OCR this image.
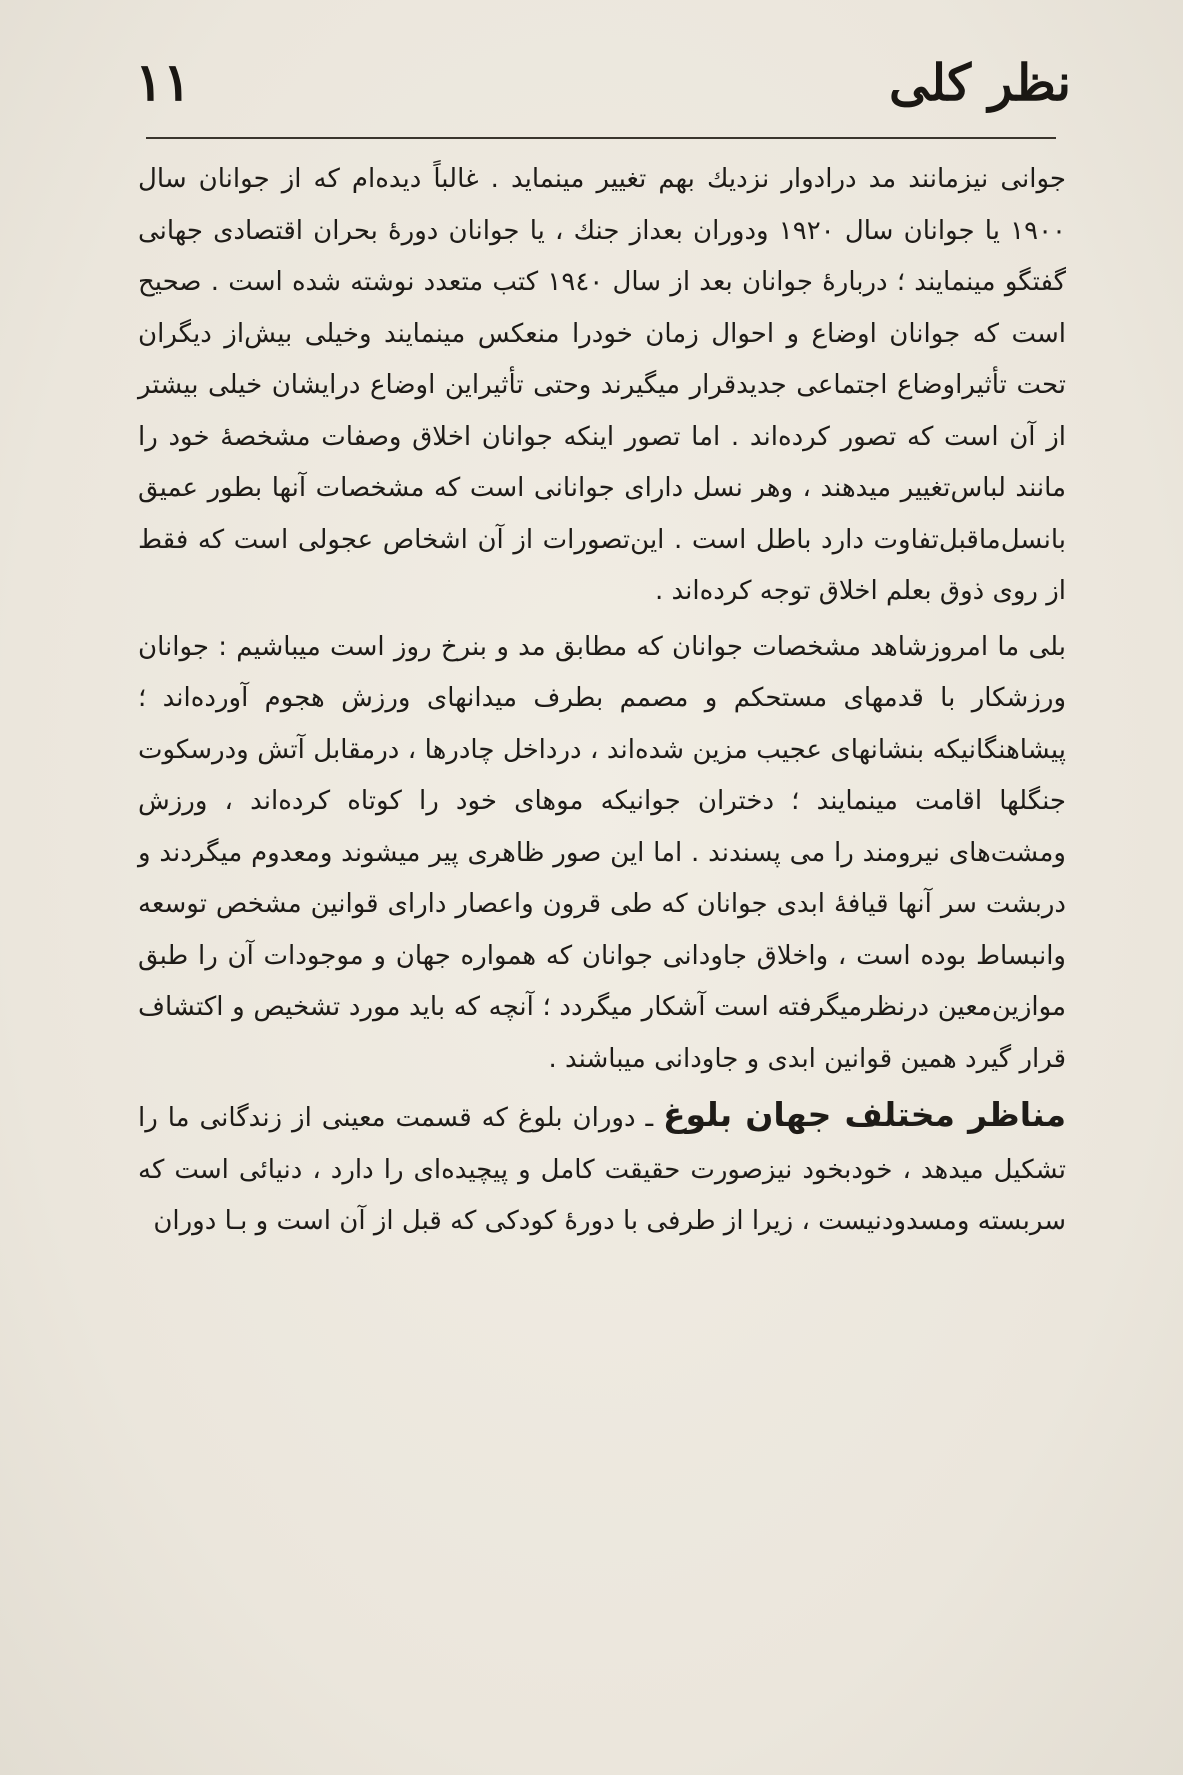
نظر کلی
۱۱

جوانی نیزمانند مد درادوار نزدیك بهم تغییر مینماید . غالباً دیده‌ام که از جوانان سال ۱۹۰۰ یا جوانان سال ۱۹۲۰ ودوران بعداز جنك ، یا جوانان دورهٔ بحران اقتصادی جهانی گفتگو مینمایند ؛ دربارهٔ جوانان بعد از سال ۱۹٤۰ کتب متعدد نوشته شده است . صحیح است که جوانان اوضاع و احوال زمان خودرا منعکس مینمایند وخیلی بیش‌از دیگران تحت تأثیراوضاع اجتماعی جدیدقرار میگیرند وحتی تأثیراین اوضاع درایشان خیلی بیشتر از آن است که تصور کرده‌اند . اما تصور اینکه جوانان اخلاق وصفات مشخصهٔ خود را مانند لباس‌تغییر میدهند ، وهر نسل دارای جوانانی است که مشخصات آنها بطور عمیق بانسل‌ماقبل‌تفاوت دارد باطل است . این‌تصورات از آن اشخاص عجولی است که فقط از روی ذوق بعلم اخلاق توجه کرده‌اند .

بلی ما امروزشاهد مشخصات جوانان که مطابق مد و بنرخ روز است میباشیم : جوانان ورزشکار با قدمهای مستحکم و مصمم بطرف میدانهای ورزش هجوم آورده‌اند ؛ پیشاهنگانیکه بنشانهای عجیب مزین شده‌اند ، درداخل چادرها ، درمقابل آتش ودرسکوت جنگلها اقامت مینمایند ؛ دختران جوانیکه موهای خود را کوتاه کرده‌اند ، ورزش ومشت‌های نیرومند را می پسندند . اما این صور ظاهری پیر میشوند ومعدوم میگردند و دربشت سر آنها قیافهٔ ابدی جوانان که طی قرون واعصار دارای قوانین مشخص توسعه وانبساط بوده است ، واخلاق جاودانی جوانان که همواره جهان و موجودات آن را طبق موازین‌معین درنظرمیگرفته است آشکار میگردد ؛ آنچه که باید مورد تشخیص و اکتشاف قرار گیرد همین قوانین ابدی و جاودانی میباشند .

مناظر مختلف جهان بلوغ ـ دوران بلوغ که قسمت معینی از زندگانی ما را تشکیل میدهد ، خودبخود نیزصورت حقیقت کامل و پیچیده‌ای را دارد ، دنیائی است که سربسته ومسدودنیست ، زیرا از طرفی با دورهٔ کودکی که قبل از آن است و بـا دوران
